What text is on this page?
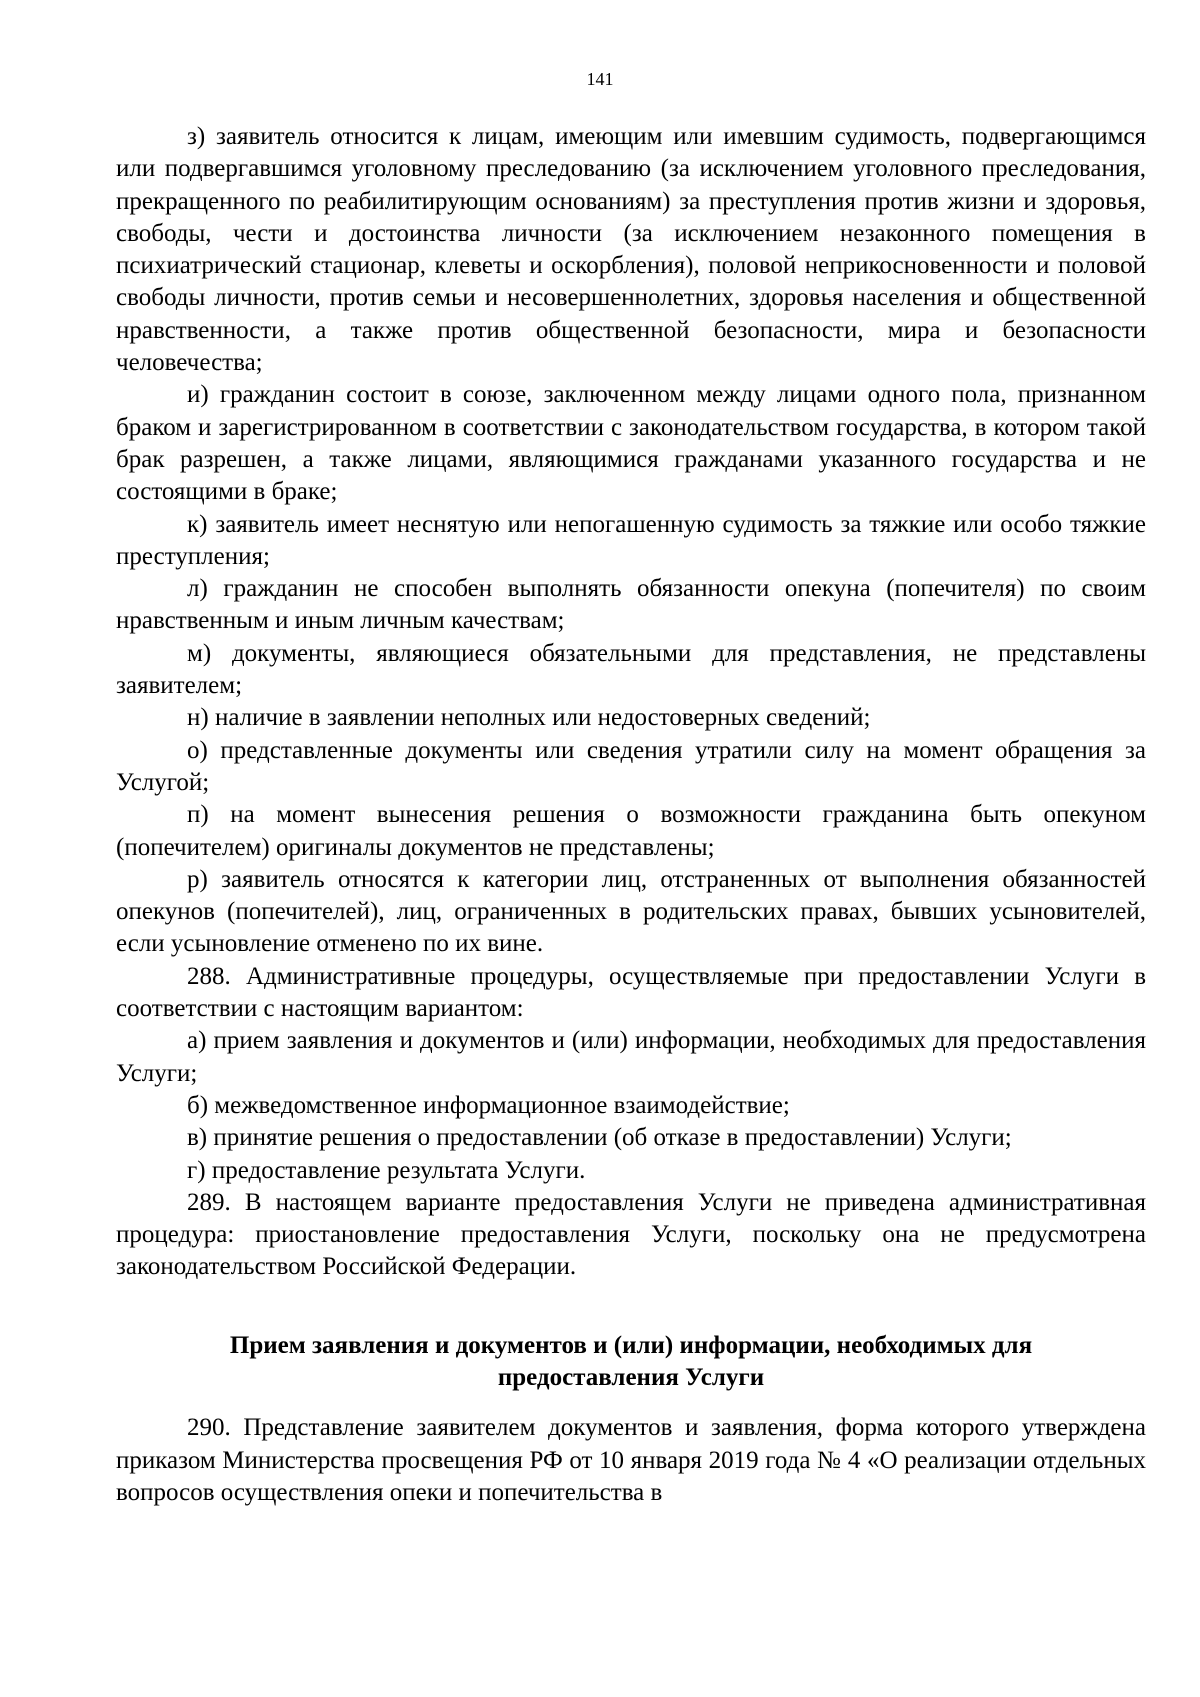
141

з) заявитель относится к лицам, имеющим или имевшим судимость, подвергающимся или подвергавшимся уголовному преследованию (за исключением уголовного преследования, прекращенного по реабилитирующим основаниям) за преступления против жизни и здоровья, свободы, чести и достоинства личности (за исключением незаконного помещения в психиатрический стационар, клеветы и оскорбления), половой неприкосновенности и половой свободы личности, против семьи и несовершеннолетних, здоровья населения и общественной нравственности, а также против общественной безопасности, мира и безопасности человечества;

и) гражданин состоит в союзе, заключенном между лицами одного пола, признанном браком и зарегистрированном в соответствии с законодательством государства, в котором такой брак разрешен, а также лицами, являющимися гражданами указанного государства и не состоящими в браке;

к) заявитель имеет неснятую или непогашенную судимость за тяжкие или особо тяжкие преступления;

л) гражданин не способен выполнять обязанности опекуна (попечителя) по своим нравственным и иным личным качествам;

м) документы, являющиеся обязательными для представления, не представлены заявителем;

н) наличие в заявлении неполных или недостоверных сведений;

о) представленные документы или сведения утратили силу на момент обращения за Услугой;

п) на момент вынесения решения о возможности гражданина быть опекуном (попечителем) оригиналы документов не представлены;

р) заявитель относятся к категории лиц, отстраненных от выполнения обязанностей опекунов (попечителей), лиц, ограниченных в родительских правах, бывших усыновителей, если усыновление отменено по их вине.

288. Административные процедуры, осуществляемые при предоставлении Услуги в соответствии с настоящим вариантом:

а) прием заявления и документов и (или) информации, необходимых для предоставления Услуги;

б) межведомственное информационное взаимодействие;

в) принятие решения о предоставлении (об отказе в предоставлении) Услуги;

г) предоставление результата Услуги.

289. В настоящем варианте предоставления Услуги не приведена административная процедура: приостановление предоставления Услуги, поскольку она не предусмотрена законодательством Российской Федерации.

Прием заявления и документов и (или) информации, необходимых для предоставления Услуги

290. Представление заявителем документов и заявления, форма которого утверждена приказом Министерства просвещения РФ от 10 января 2019 года № 4 «О реализации отдельных вопросов осуществления опеки и попечительства в
